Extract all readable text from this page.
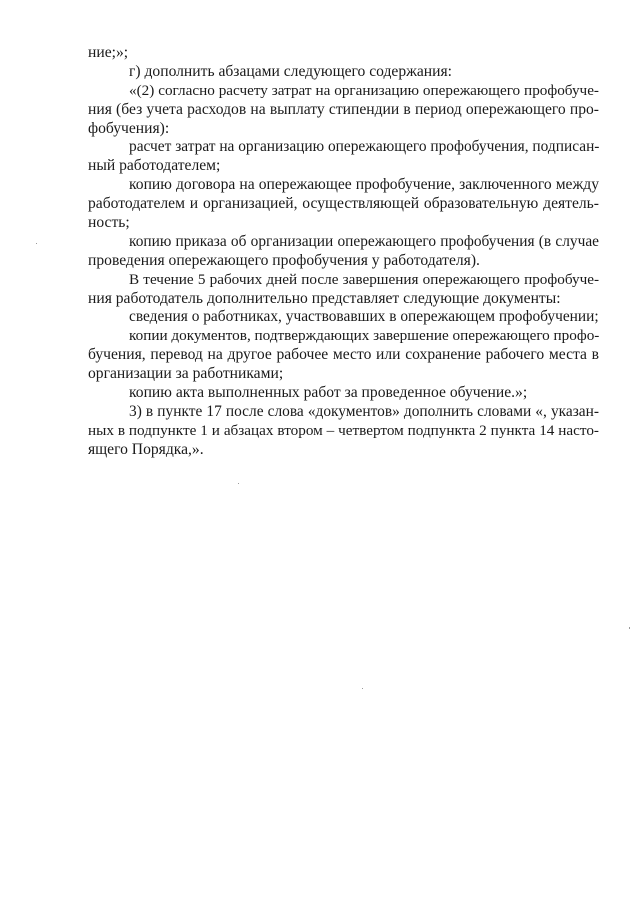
ние;»;
г) дополнить абзацами следующего содержания:
«(2) согласно расчету затрат на организацию опережающего профобуче-
ния (без учета расходов на выплату стипендии в период опережающего про-
фобучения):
расчет затрат на организацию опережающего профобучения, подписан-
ный работодателем;
копию договора на опережающее профобучение, заключенного между
работодателем и организацией, осуществляющей образовательную деятель-
ность;
копию приказа об организации опережающего профобучения (в случае
проведения опережающего профобучения у работодателя).
В течение 5 рабочих дней после завершения опережающего профобуче-
ния работодатель дополнительно представляет следующие документы:
сведения о работниках, участвовавших в опережающем профобучении;
копии документов, подтверждающих завершение опережающего профо-
бучения, перевод на другое рабочее место или сохранение рабочего места в
организации за работниками;
копию акта выполненных работ за проведенное обучение.»;
3) в пункте 17 после слова «документов» дополнить словами «, указан-
ных в подпункте 1 и абзацах втором – четвертом подпункта 2 пункта 14 насто-
ящего Порядка,».
